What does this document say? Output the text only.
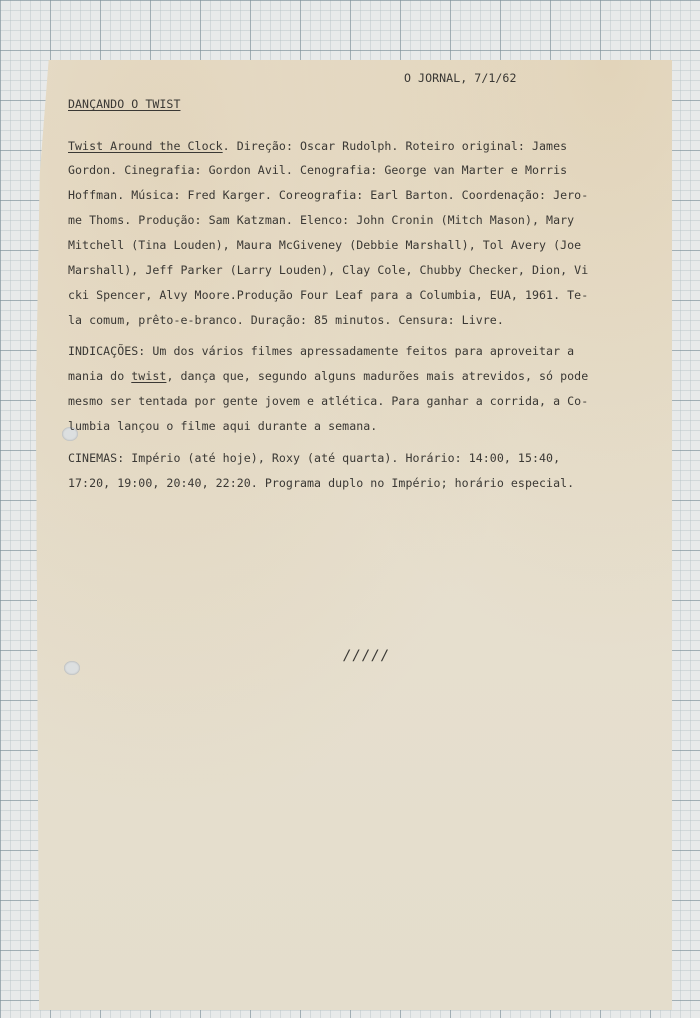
O JORNAL, 7/1/62
DANÇANDO O TWIST
Twist Around the Clock. Direção: Oscar Rudolph. Roteiro original: James
Gordon. Cinegrafia: Gordon Avil. Cenografia: George van Marter e Morris
Hoffman. Música: Fred Karger. Coreografia: Earl Barton. Coordenação: Jero-
me Thoms. Produção: Sam Katzman. Elenco: John Cronin (Mitch Mason), Mary
Mitchell (Tina Louden), Maura McGiveney (Debbie Marshall), Tol Avery (Joe
Marshall), Jeff Parker (Larry Louden), Clay Cole, Chubby Checker, Dion, Vi
cki Spencer, Alvy Moore.Produção Four Leaf para a Columbia, EUA, 1961. Te-
la comum, prêto-e-branco. Duração: 85 minutos. Censura: Livre.
INDICAÇÕES: Um dos vários filmes apressadamente feitos para aproveitar a
mania do twist, dança que, segundo alguns madurões mais atrevidos, só pode
mesmo ser tentada por gente jovem e atlética. Para ganhar a corrida, a Co-
lumbia lançou o filme aqui durante a semana.
CINEMAS: Império (até hoje), Roxy (até quarta). Horário: 14:00, 15:40,
17:20, 19:00, 20:40, 22:20. Programa duplo no Império; horário especial.
/////
